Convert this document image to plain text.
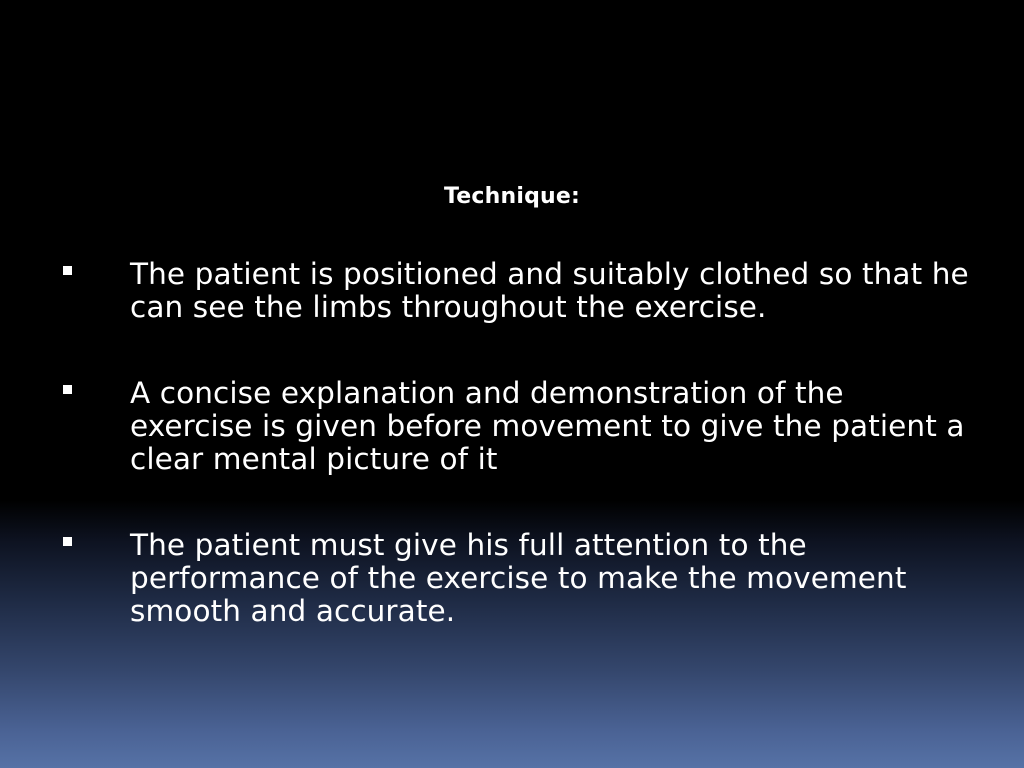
Technique:
The patient is positioned and suitably clothed so that he can see the limbs throughout the exercise.
A concise explanation and demonstration of the exercise is given before movement to give the patient a clear mental picture of it
The patient must give his full attention to the performance of the exercise to make the movement smooth and accurate.
